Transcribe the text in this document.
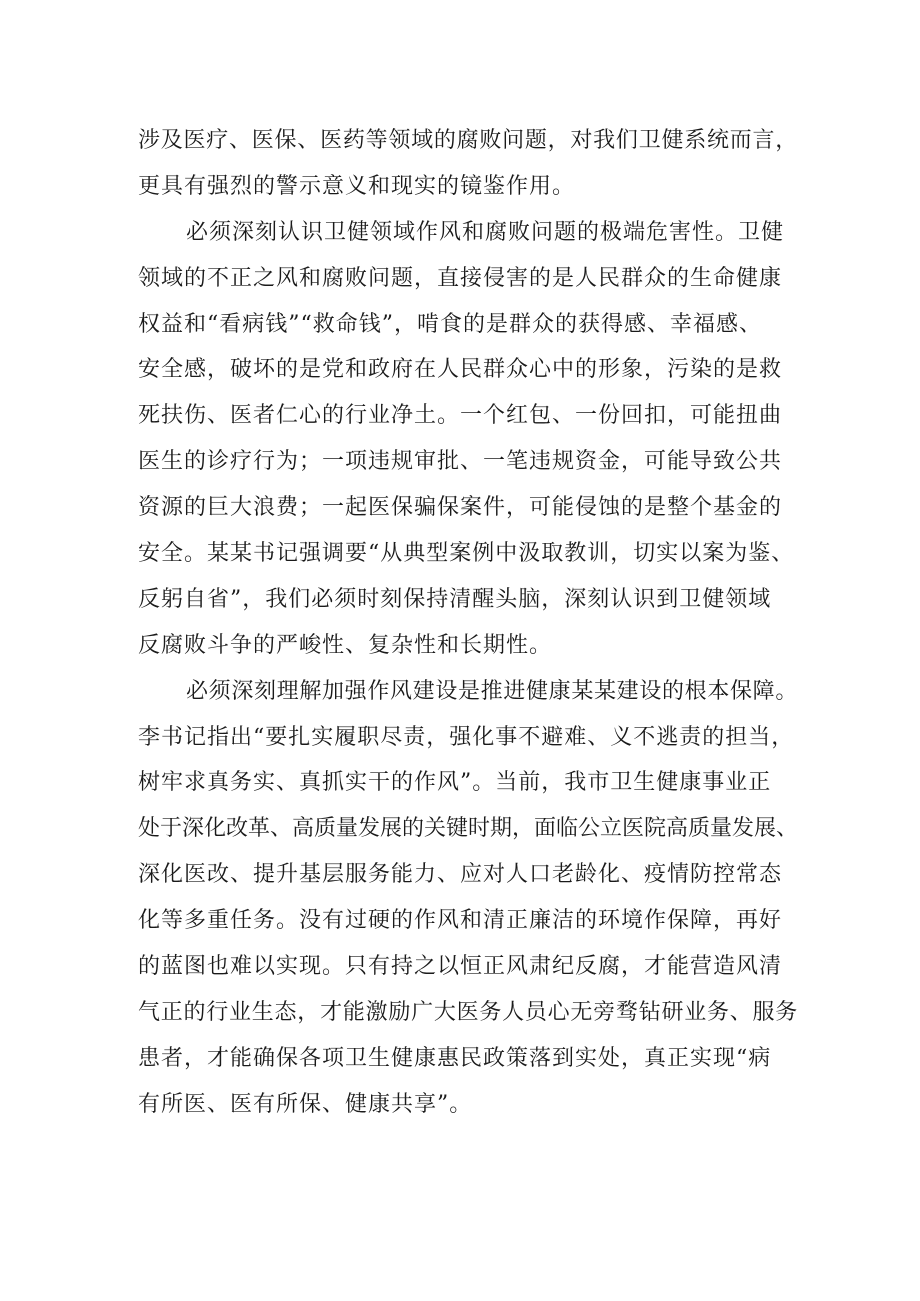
涉及医疗、医保、医药等领域的腐败问题，对我们卫健系统而言，
更具有强烈的警示意义和现实的镜鉴作用。
必须深刻认识卫健领域作风和腐败问题的极端危害性。卫健
领域的不正之风和腐败问题，直接侵害的是人民群众的生命健康
权益和“看病钱”“救命钱”，啃食的是群众的获得感、幸福感、
安全感，破坏的是党和政府在人民群众心中的形象，污染的是救
死扶伤、医者仁心的行业净土。一个红包、一份回扣，可能扭曲
医生的诊疗行为；一项违规审批、一笔违规资金，可能导致公共
资源的巨大浪费；一起医保骗保案件，可能侵蚀的是整个基金的
安全。某某书记强调要“从典型案例中汲取教训，切实以案为鉴、
反躬自省”，我们必须时刻保持清醒头脑，深刻认识到卫健领域
反腐败斗争的严峻性、复杂性和长期性。
必须深刻理解加强作风建设是推进健康某某建设的根本保障。
李书记指出“要扎实履职尽责，强化事不避难、义不逃责的担当，
树牢求真务实、真抓实干的作风”。当前，我市卫生健康事业正
处于深化改革、高质量发展的关键时期，面临公立医院高质量发展、
深化医改、提升基层服务能力、应对人口老龄化、疫情防控常态
化等多重任务。没有过硬的作风和清正廉洁的环境作保障，再好
的蓝图也难以实现。只有持之以恒正风肃纪反腐，才能营造风清
气正的行业生态，才能激励广大医务人员心无旁骛钻研业务、服务
患者，才能确保各项卫生健康惠民政策落到实处，真正实现“病
有所医、医有所保、健康共享”。
